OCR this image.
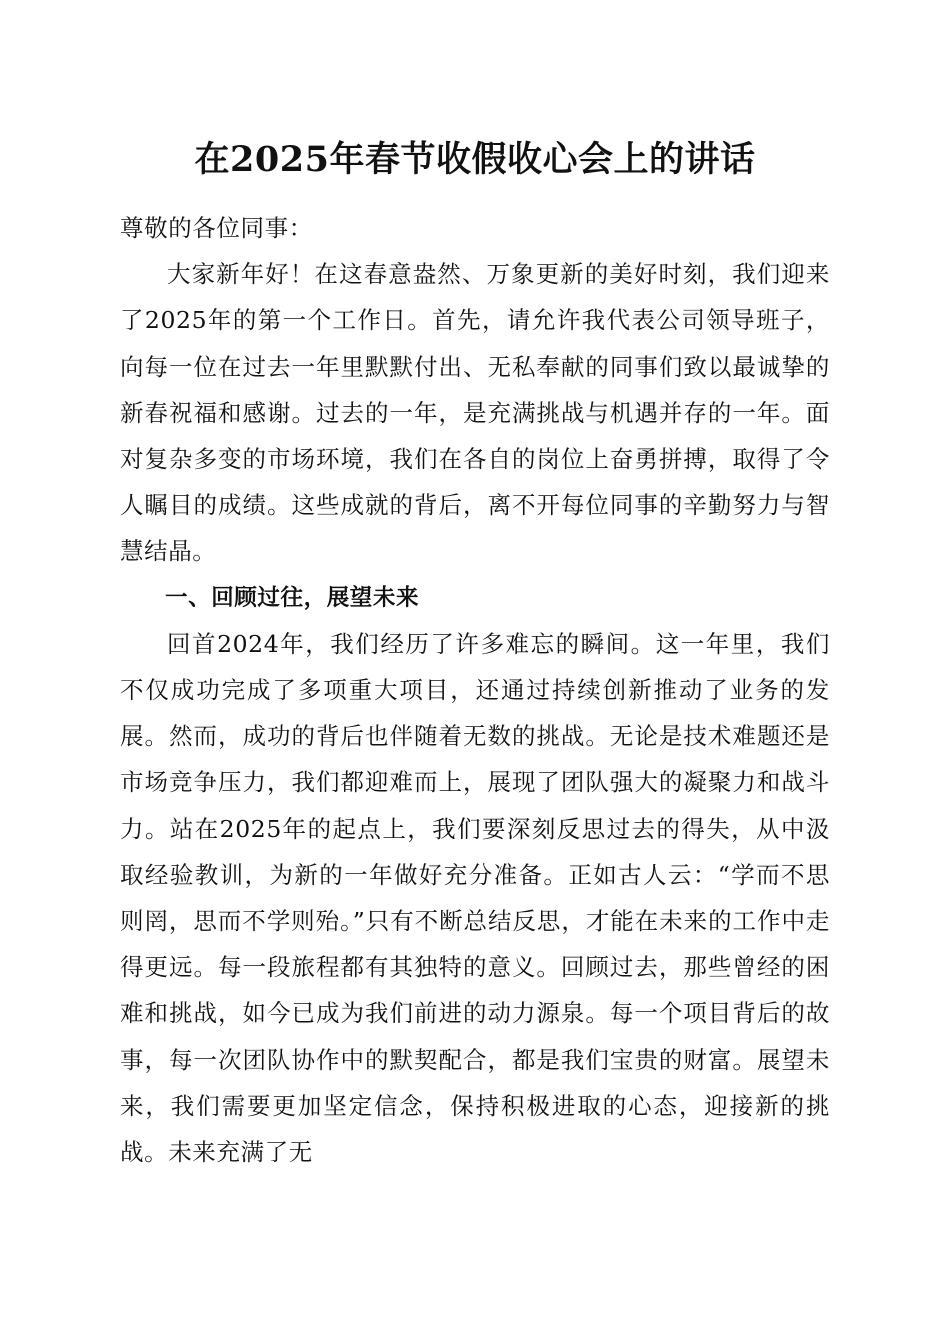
在2025年春节收假收心会上的讲话

尊敬的各位同事：

大家新年好！在这春意盎然、万象更新的美好时刻，我们迎来了2025年的第一个工作日。首先，请允许我代表公司领导班子，向每一位在过去一年里默默付出、无私奉献的同事们致以最诚挚的新春祝福和感谢。过去的一年，是充满挑战与机遇并存的一年。面对复杂多变的市场环境，我们在各自的岗位上奋勇拼搏，取得了令人瞩目的成绩。这些成就的背后，离不开每位同事的辛勤努力与智慧结晶。

一、回顾过往，展望未来

回首2024年，我们经历了许多难忘的瞬间。这一年里，我们不仅成功完成了多项重大项目，还通过持续创新推动了业务的发展。然而，成功的背后也伴随着无数的挑战。无论是技术难题还是市场竞争压力，我们都迎难而上，展现了团队强大的凝聚力和战斗力。站在2025年的起点上，我们要深刻反思过去的得失，从中汲取经验教训，为新的一年做好充分准备。正如古人云：“学而不思则罔，思而不学则殆。”只有不断总结反思，才能在未来的工作中走得更远。每一段旅程都有其独特的意义。回顾过去，那些曾经的困难和挑战，如今已成为我们前进的动力源泉。每一个项目背后的故事，每一次团队协作中的默契配合，都是我们宝贵的财富。展望未来，我们需要更加坚定信念，保持积极进取的心态，迎接新的挑战。未来充满了无
